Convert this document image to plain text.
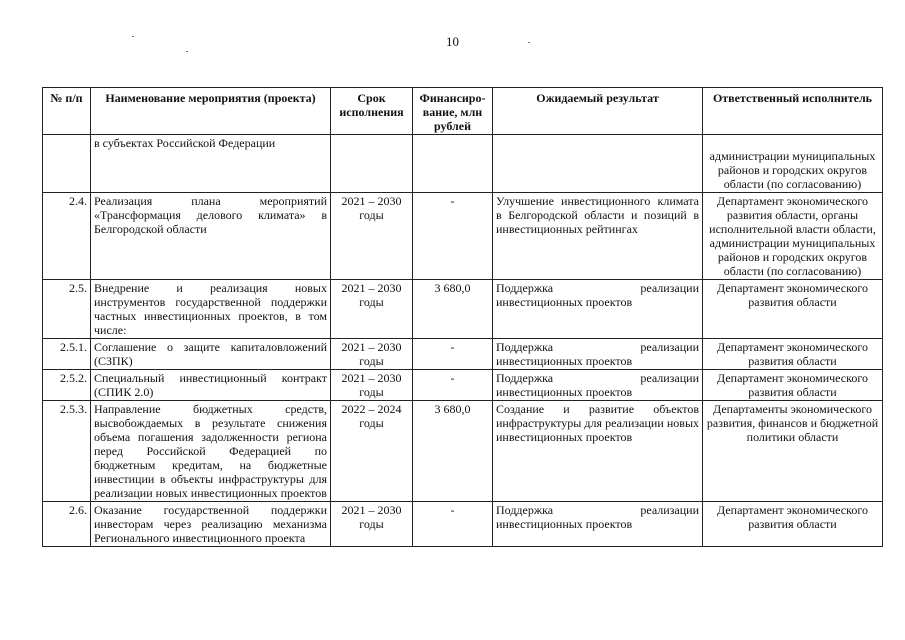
10
№ п/п	Наименование мероприятия (проекта)	Срок исполнения	Финансиро-вание, млн рублей	Ожидаемый результат	Ответственный исполнитель
	в субъектах Российской Федерации				администрации муниципальных районов и городских округов области (по согласованию)
2.4.	Реализация плана мероприятий «Трансформация делового климата» в Белгородской области	2021 – 2030 годы	-	Улучшение инвестиционного климата в Белгородской области и позиций в инвестиционных рейтингах	Департамент экономического развития области, органы исполнительной власти области, администрации муниципальных районов и городских округов области (по согласованию)
2.5.	Внедрение и реализация новых инструментов государственной поддержки частных инвестиционных проектов, в том числе:	2021 – 2030 годы	3 680,0	Поддержка реализации инвестиционных проектов	Департамент экономического развития области
2.5.1.	Соглашение о защите капиталовложений (СЗПК)	2021 – 2030 годы	-	Поддержка реализации инвестиционных проектов	Департамент экономического развития области
2.5.2.	Специальный инвестиционный контракт (СПИК 2.0)	2021 – 2030 годы	-	Поддержка реализации инвестиционных проектов	Департамент экономического развития области
2.5.3.	Направление бюджетных средств, высвобождаемых в результате снижения объема погашения задолженности региона перед Российской Федерацией по бюджетным кредитам, на бюджетные инвестиции в объекты инфраструктуры для реализации новых инвестиционных проектов	2022 – 2024 годы	3 680,0	Создание и развитие объектов инфраструктуры для реализации новых инвестиционных проектов	Департаменты экономического развития, финансов и бюджетной политики области
2.6.	Оказание государственной поддержки инвесторам через реализацию механизма Регионального инвестиционного проекта	2021 – 2030 годы	-	Поддержка реализации инвестиционных проектов	Департамент экономического развития области
